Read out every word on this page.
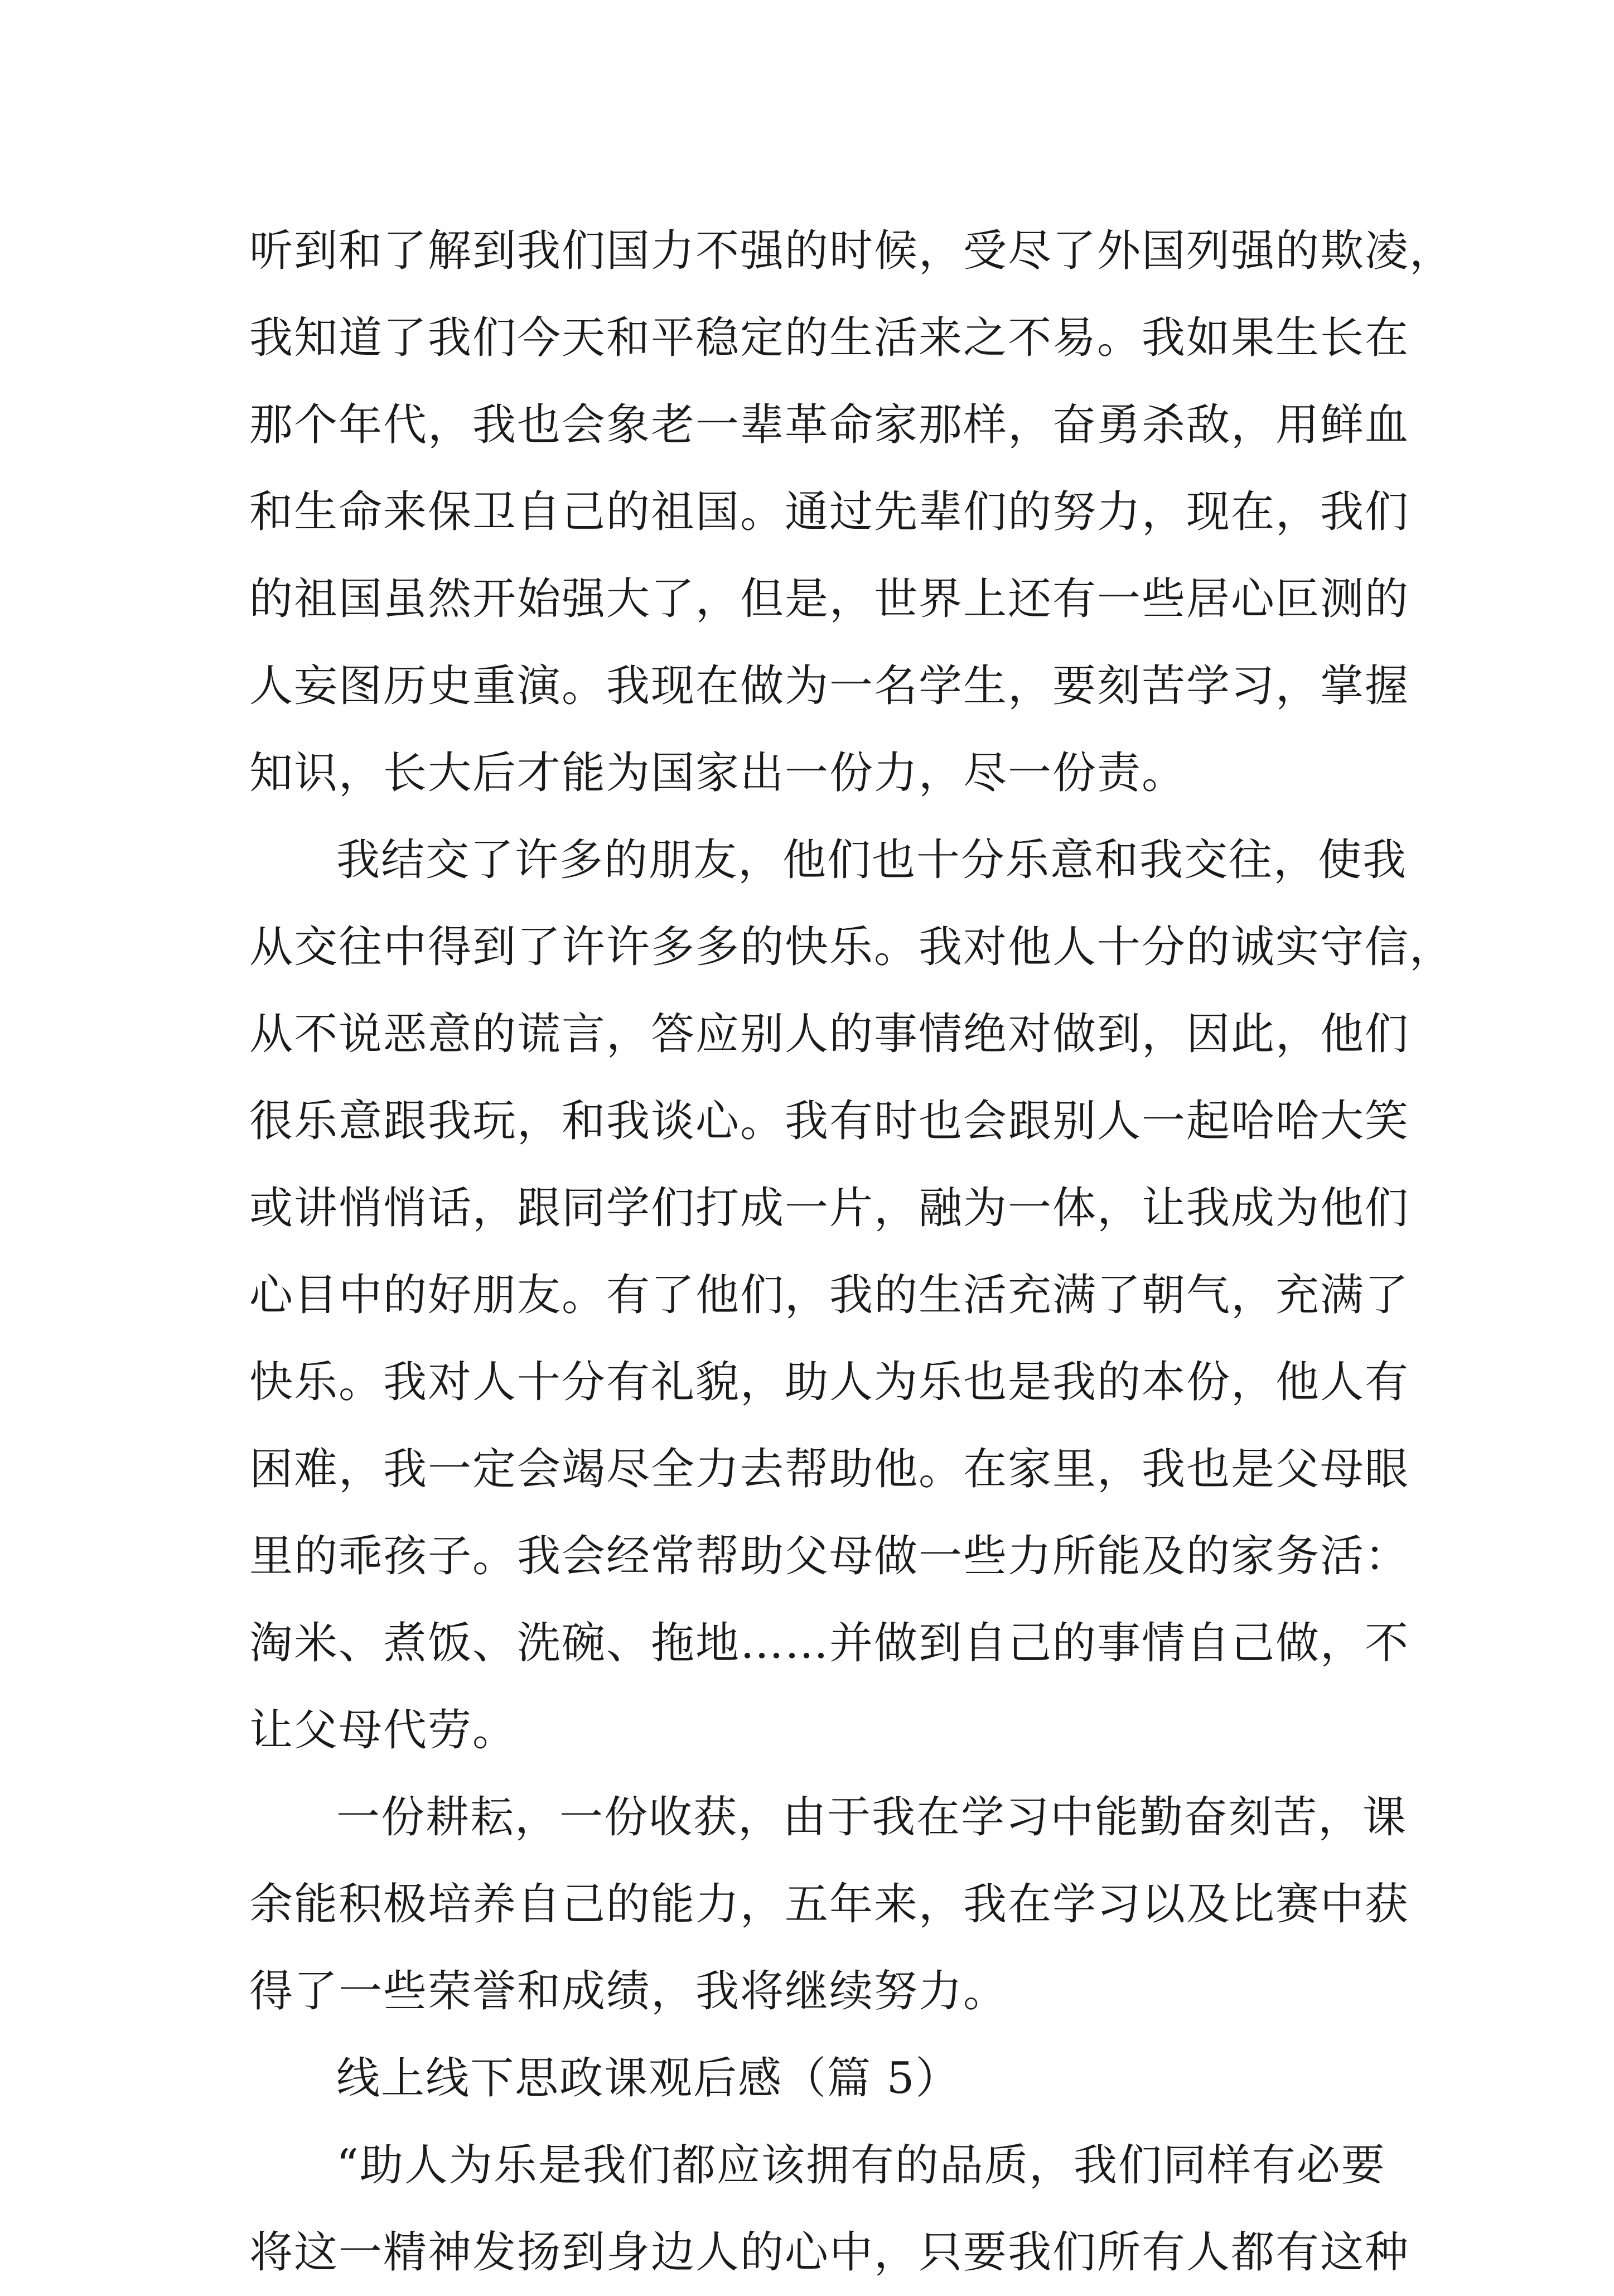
听到和了解到我们国力不强的时候，受尽了外国列强的欺凌，
我知道了我们今天和平稳定的生活来之不易。我如果生长在
那个年代，我也会象老一辈革命家那样，奋勇杀敌，用鲜血
和生命来保卫自己的祖国。通过先辈们的努力，现在，我们
的祖国虽然开始强大了，但是，世界上还有一些居心叵测的
人妄图历史重演。我现在做为一名学生，要刻苦学习，掌握
知识，长大后才能为国家出一份力，尽一份责。
我结交了许多的朋友，他们也十分乐意和我交往，使我
从交往中得到了许许多多的快乐。我对他人十分的诚实守信，
从不说恶意的谎言，答应别人的事情绝对做到，因此，他们
很乐意跟我玩，和我谈心。我有时也会跟别人一起哈哈大笑
或讲悄悄话，跟同学们打成一片，融为一体，让我成为他们
心目中的好朋友。有了他们，我的生活充满了朝气，充满了
快乐。我对人十分有礼貌，助人为乐也是我的本份，他人有
困难，我一定会竭尽全力去帮助他。在家里，我也是父母眼
里的乖孩子。我会经常帮助父母做一些力所能及的家务活：
淘米、煮饭、洗碗、拖地……并做到自己的事情自己做，不
让父母代劳。
一份耕耘，一份收获，由于我在学习中能勤奋刻苦，课
余能积极培养自己的能力，五年来，我在学习以及比赛中获
得了一些荣誉和成绩，我将继续努力。
线上线下思政课观后感（篇 5）
“助人为乐是我们都应该拥有的品质，我们同样有必要
将这一精神发扬到身边人的心中，只要我们所有人都有这种
